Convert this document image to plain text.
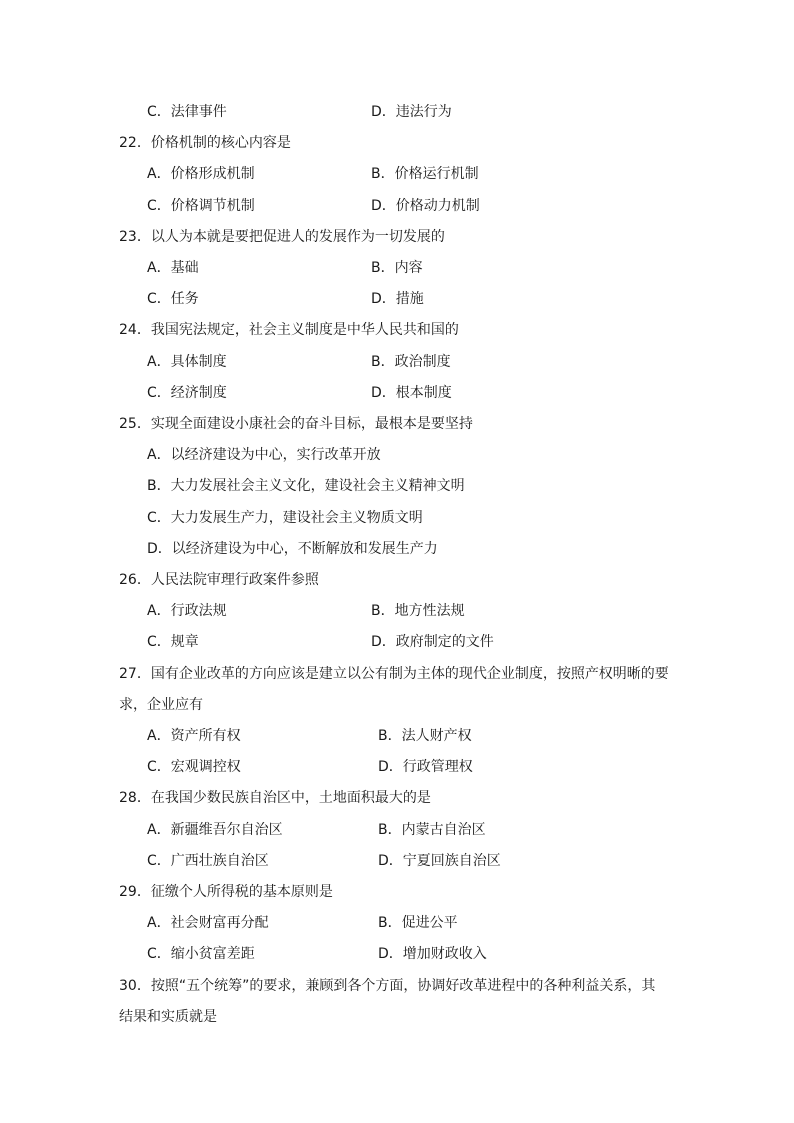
C．法律事件	D．违法行为
22．价格机制的核心内容是
A．价格形成机制	B．价格运行机制
C．价格调节机制	D．价格动力机制
23．以人为本就是要把促进人的发展作为一切发展的
A．基础	B．内容
C．任务	D．措施
24．我国宪法规定，社会主义制度是中华人民共和国的
A．具体制度	B．政治制度
C．经济制度	D．根本制度
25．实现全面建设小康社会的奋斗目标，最根本是要坚持
A．以经济建设为中心，实行改革开放
B．大力发展社会主义文化，建设社会主义精神文明
C．大力发展生产力，建设社会主义物质文明
D．以经济建设为中心，不断解放和发展生产力
26．人民法院审理行政案件参照
A．行政法规	B．地方性法规
C．规章	D．政府制定的文件
27．国有企业改革的方向应该是建立以公有制为主体的现代企业制度，按照产权明晰的要
求，企业应有
A．资产所有权	B．法人财产权
C．宏观调控权	D．行政管理权
28．在我国少数民族自治区中，土地面积最大的是
A．新疆维吾尔自治区	B．内蒙古自治区
C．广西壮族自治区	D．宁夏回族自治区
29．征缴个人所得税的基本原则是
A．社会财富再分配	B．促进公平
C．缩小贫富差距	D．增加财政收入
30．按照“五个统筹”的要求，兼顾到各个方面，协调好改革进程中的各种利益关系，其
结果和实质就是
